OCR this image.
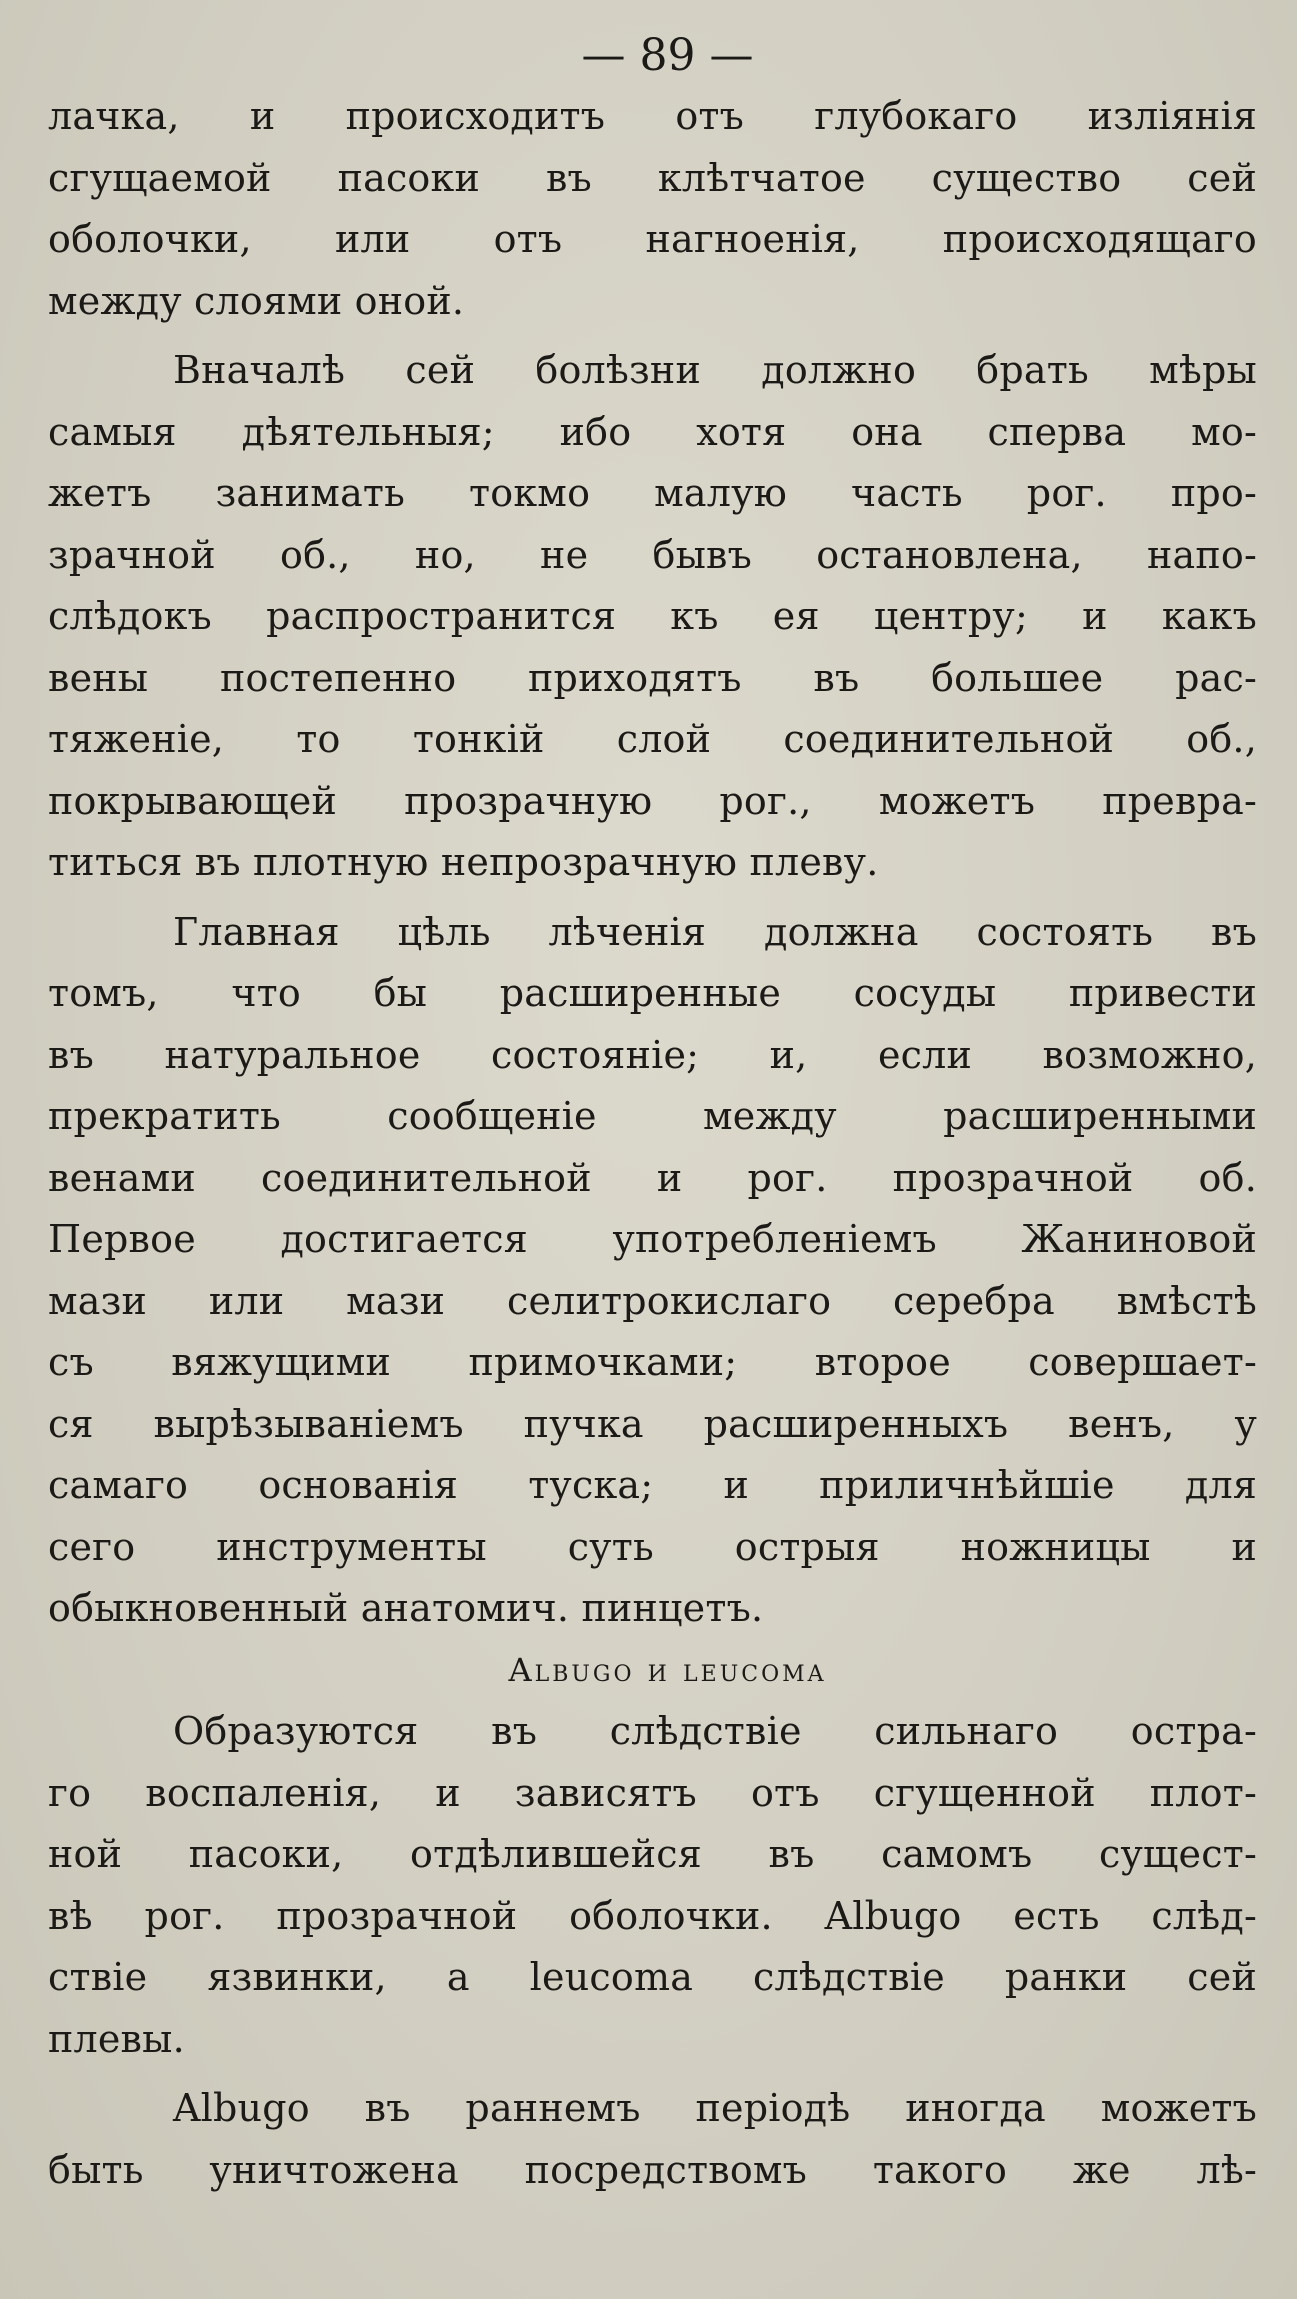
— 89 —
лачка, и происходитъ отъ глубокаго излiянiя
сгущаемой пасоки въ клѣтчатое существо сей
оболочки, или отъ нагноенiя, происходящаго
между слоями оной.
Вначалѣ сей болѣзни должно брать мѣры
самыя дѣятельныя; ибо хотя она сперва мо-
жетъ занимать токмо малую часть рог. про-
зрачной об., но, не бывъ остановлена, напо-
слѣдокъ распространится къ ея центру; и какъ
вены постепенно приходятъ въ большее рас-
тяженiе, то тонкiй слой соединительной об.,
покрывающей прозрачную рог., можетъ превра-
титься въ плотную непрозрачную плеву.
Главная цѣль лѣченiя должна состоять въ
томъ, что бы расширенные сосуды привести
въ натуральное состоянiе; и, если возможно,
прекратить сообщенiе между расширенными
венами соединительной и рог. прозрачной об.
Первое достигается употребленiемъ Жаниновой
мази или мази селитрокислаго серебра вмѣстѣ
съ вяжущими примочками; второе совершает-
ся вырѣзыванiемъ пучка расширенныхъ венъ, у
самаго основанiя туска; и приличнѣйшiе для
сего инструменты суть острыя ножницы и
обыкновенный анатомич. пинцетъ.
Albugo и leucoma
Образуются въ слѣдствiе сильнаго остра-
го воспаленiя, и зависятъ отъ сгущенной плот-
ной пасоки, отдѣлившейся въ самомъ сущест-
вѣ рог. прозрачной оболочки. Albugo есть слѣд-
ствiе язвинки, а leucoma слѣдствiе ранки сей
плевы.
Albugo въ раннемъ перiодѣ иногда можетъ
быть уничтожена посредствомъ такого же лѣ-
